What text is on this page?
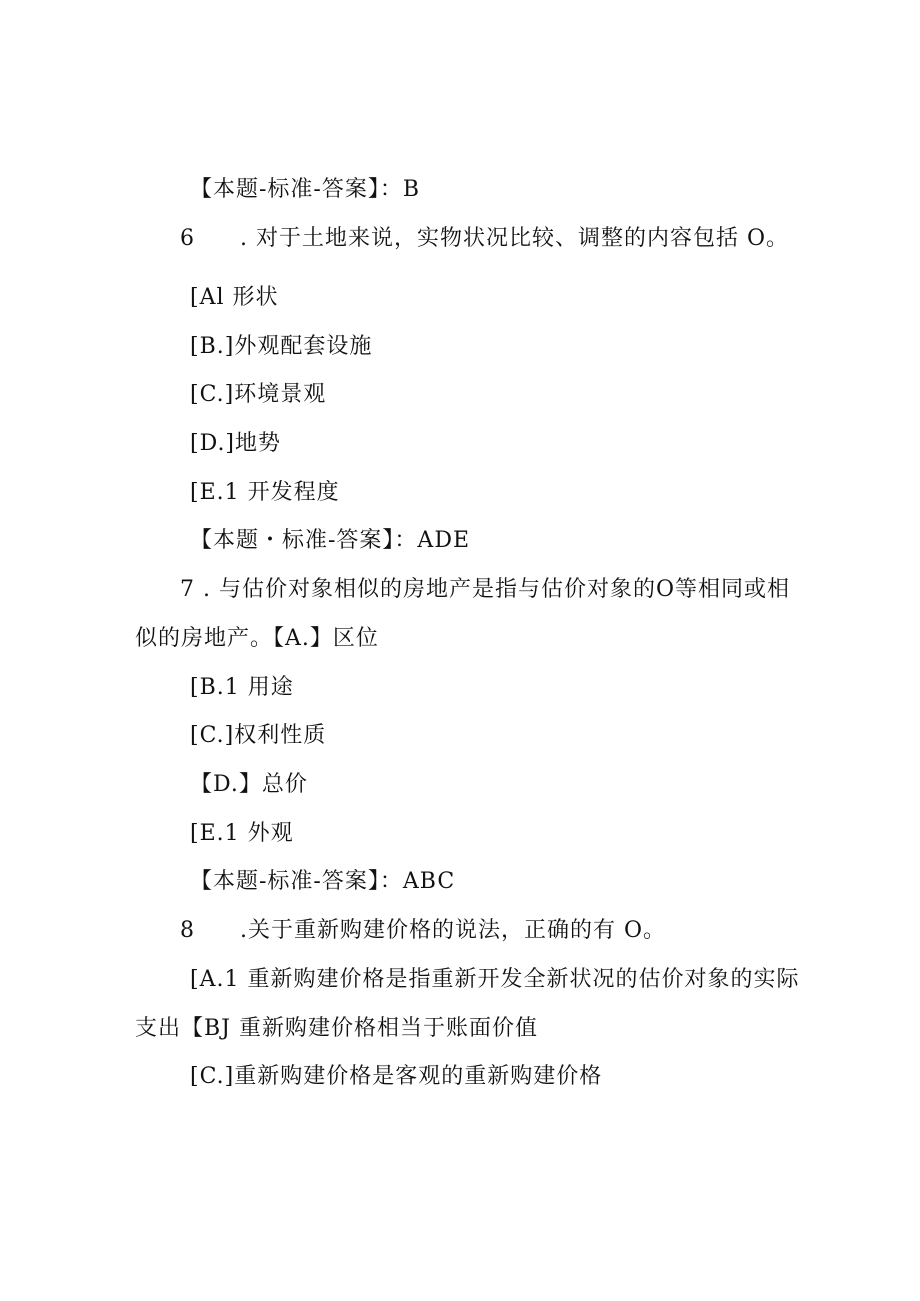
【本题-标准-答案】：B
6 . 对于土地来说，实物状况比较、调整的内容包括 O。
[Al 形状
[B.]外观配套设施
[C.]环境景观
[D.]地势
[E.1 开发程度
【本题・标准-答案】：ADE
7 . 与估价对象相似的房地产是指与估价对象的O等相同或相
似的房地产。【A.】区位
[B.1 用途
[C.]权利性质
【D.】总价
[E.1 外观
【本题-标准-答案】：ABC
8 .关于重新购建价格的说法，正确的有 O。
[A.1 重新购建价格是指重新开发全新状况的估价对象的实际
支出【BJ 重新购建价格相当于账面价值
[C.]重新购建价格是客观的重新购建价格
